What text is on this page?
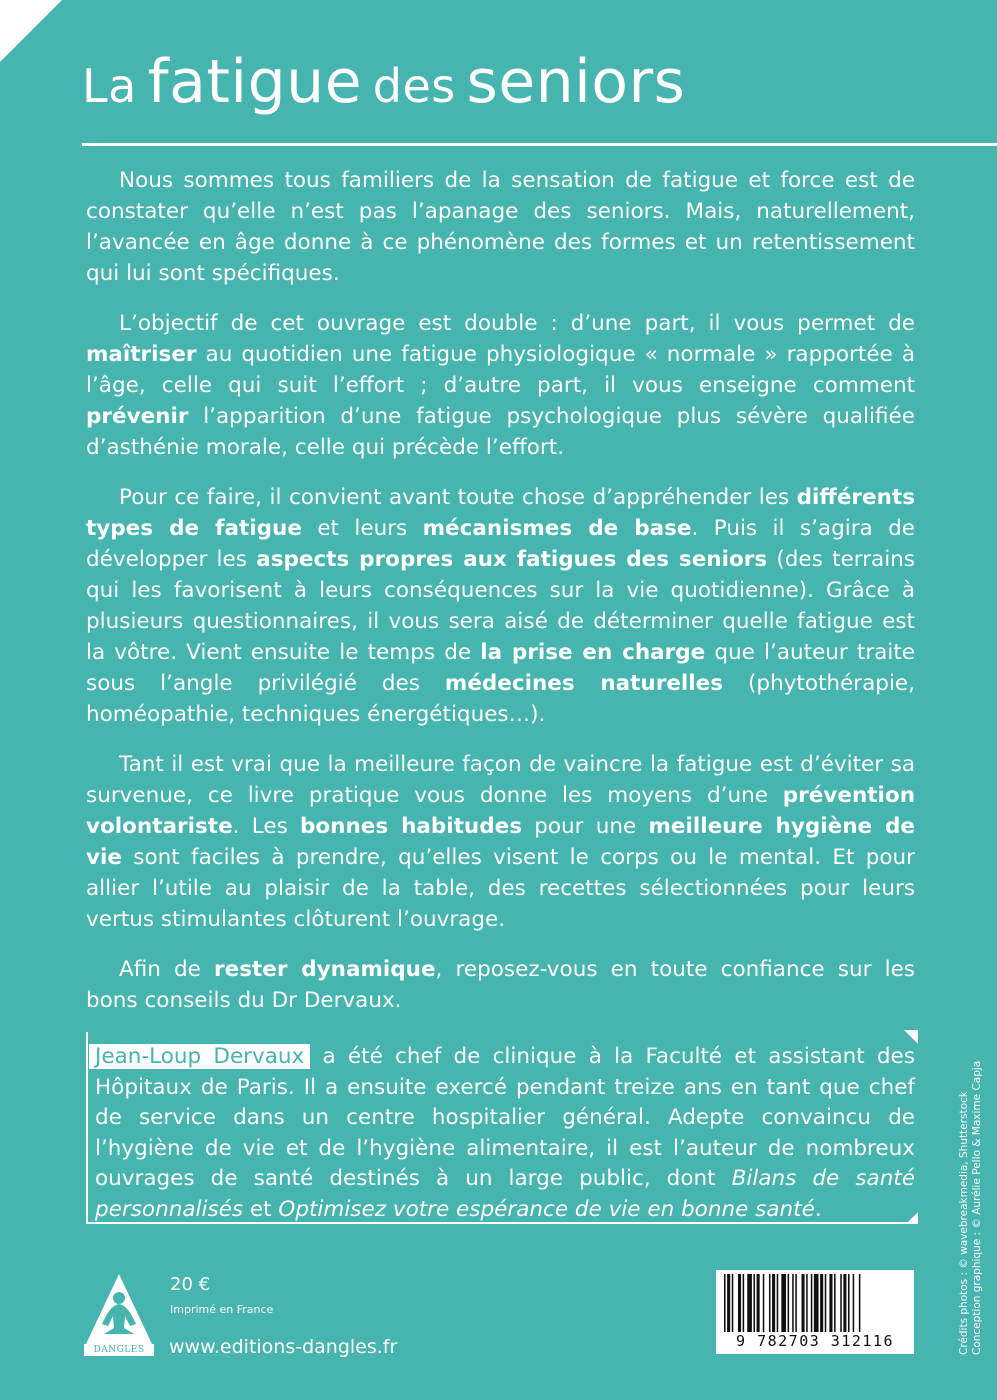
La fatigue des seniors

Nous sommes tous familiers de la sensation de fatigue et force est de constater qu’elle n’est pas l’apanage des seniors. Mais, naturellement, l’avancée en âge donne à ce phénomène des formes et un retentissement qui lui sont spécifiques.

L’objectif de cet ouvrage est double : d’une part, il vous permet de maîtriser au quotidien une fatigue physiologique « normale » rapportée à l’âge, celle qui suit l’effort ; d’autre part, il vous enseigne comment prévenir l’apparition d’une fatigue psychologique plus sévère qualifiée d’asthénie morale, celle qui précède l’effort.

Pour ce faire, il convient avant toute chose d’appréhender les différents types de fatigue et leurs mécanismes de base. Puis il s’agira de développer les aspects propres aux fatigues des seniors (des terrains qui les favorisent à leurs conséquences sur la vie quotidienne). Grâce à plusieurs questionnaires, il vous sera aisé de déterminer quelle fatigue est la vôtre. Vient ensuite le temps de la prise en charge que l’auteur traite sous l’angle privilégié des médecines naturelles (phytothérapie, homéopathie, techniques énergétiques…).

Tant il est vrai que la meilleure façon de vaincre la fatigue est d’éviter sa survenue, ce livre pratique vous donne les moyens d’une prévention volontariste. Les bonnes habitudes pour une meilleure hygiène de vie sont faciles à prendre, qu’elles visent le corps ou le mental. Et pour allier l’utile au plaisir de la table, des recettes sélectionnées pour leurs vertus stimulantes clôturent l’ouvrage.

Afin de rester dynamique, reposez-vous en toute confiance sur les bons conseils du Dr Dervaux.

Jean-Loup Dervaux a été chef de clinique à la Faculté et assistant des Hôpitaux de Paris. Il a ensuite exercé pendant treize ans en tant que chef de service dans un centre hospitalier général. Adepte convaincu de l’hygiène de vie et de l’hygiène alimentaire, il est l’auteur de nombreux ouvrages de santé destinés à un large public, dont Bilans de santé personnalisés et Optimisez votre espérance de vie en bonne santé.
DANGLES
20 €
Imprimé en France
www.editions-dangles.fr	9 782703 312116	Crédits photos : © wavebreakmedia, Shutterstock Conception graphique : © Aurélie Pello & Maxime Capja
